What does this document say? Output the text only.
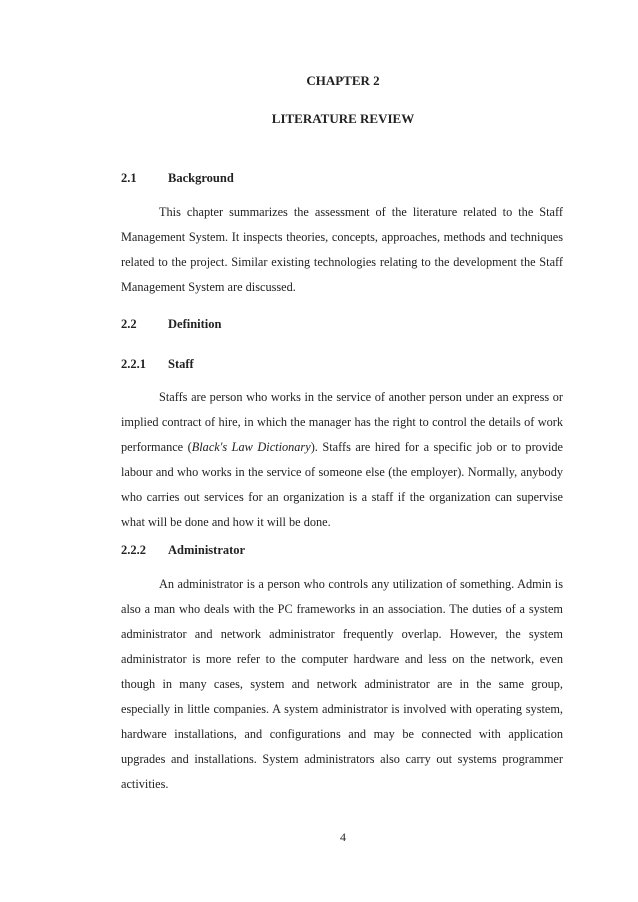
CHAPTER 2
LITERATURE REVIEW
2.1	Background
This chapter summarizes the assessment of the literature related to the Staff Management System. It inspects theories, concepts, approaches, methods and techniques related to the project. Similar existing technologies relating to the development the Staff Management System are discussed.
2.2	Definition
2.2.1 Staff
Staffs are person who works in the service of another person under an express or implied contract of hire, in which the manager has the right to control the details of work performance (Black's Law Dictionary). Staffs are hired for a specific job or to provide labour and who works in the service of someone else (the employer). Normally, anybody who carries out services for an organization is a staff if the organization can supervise what will be done and how it will be done.
2.2.2 Administrator
An administrator is a person who controls any utilization of something. Admin is also a man who deals with the PC frameworks in an association. The duties of a system administrator and network administrator frequently overlap. However, the system administrator is more refer to the computer hardware and less on the network, even though in many cases, system and network administrator are in the same group, especially in little companies. A system administrator is involved with operating system, hardware installations, and configurations and may be connected with application upgrades and installations. System administrators also carry out systems programmer activities.
4
